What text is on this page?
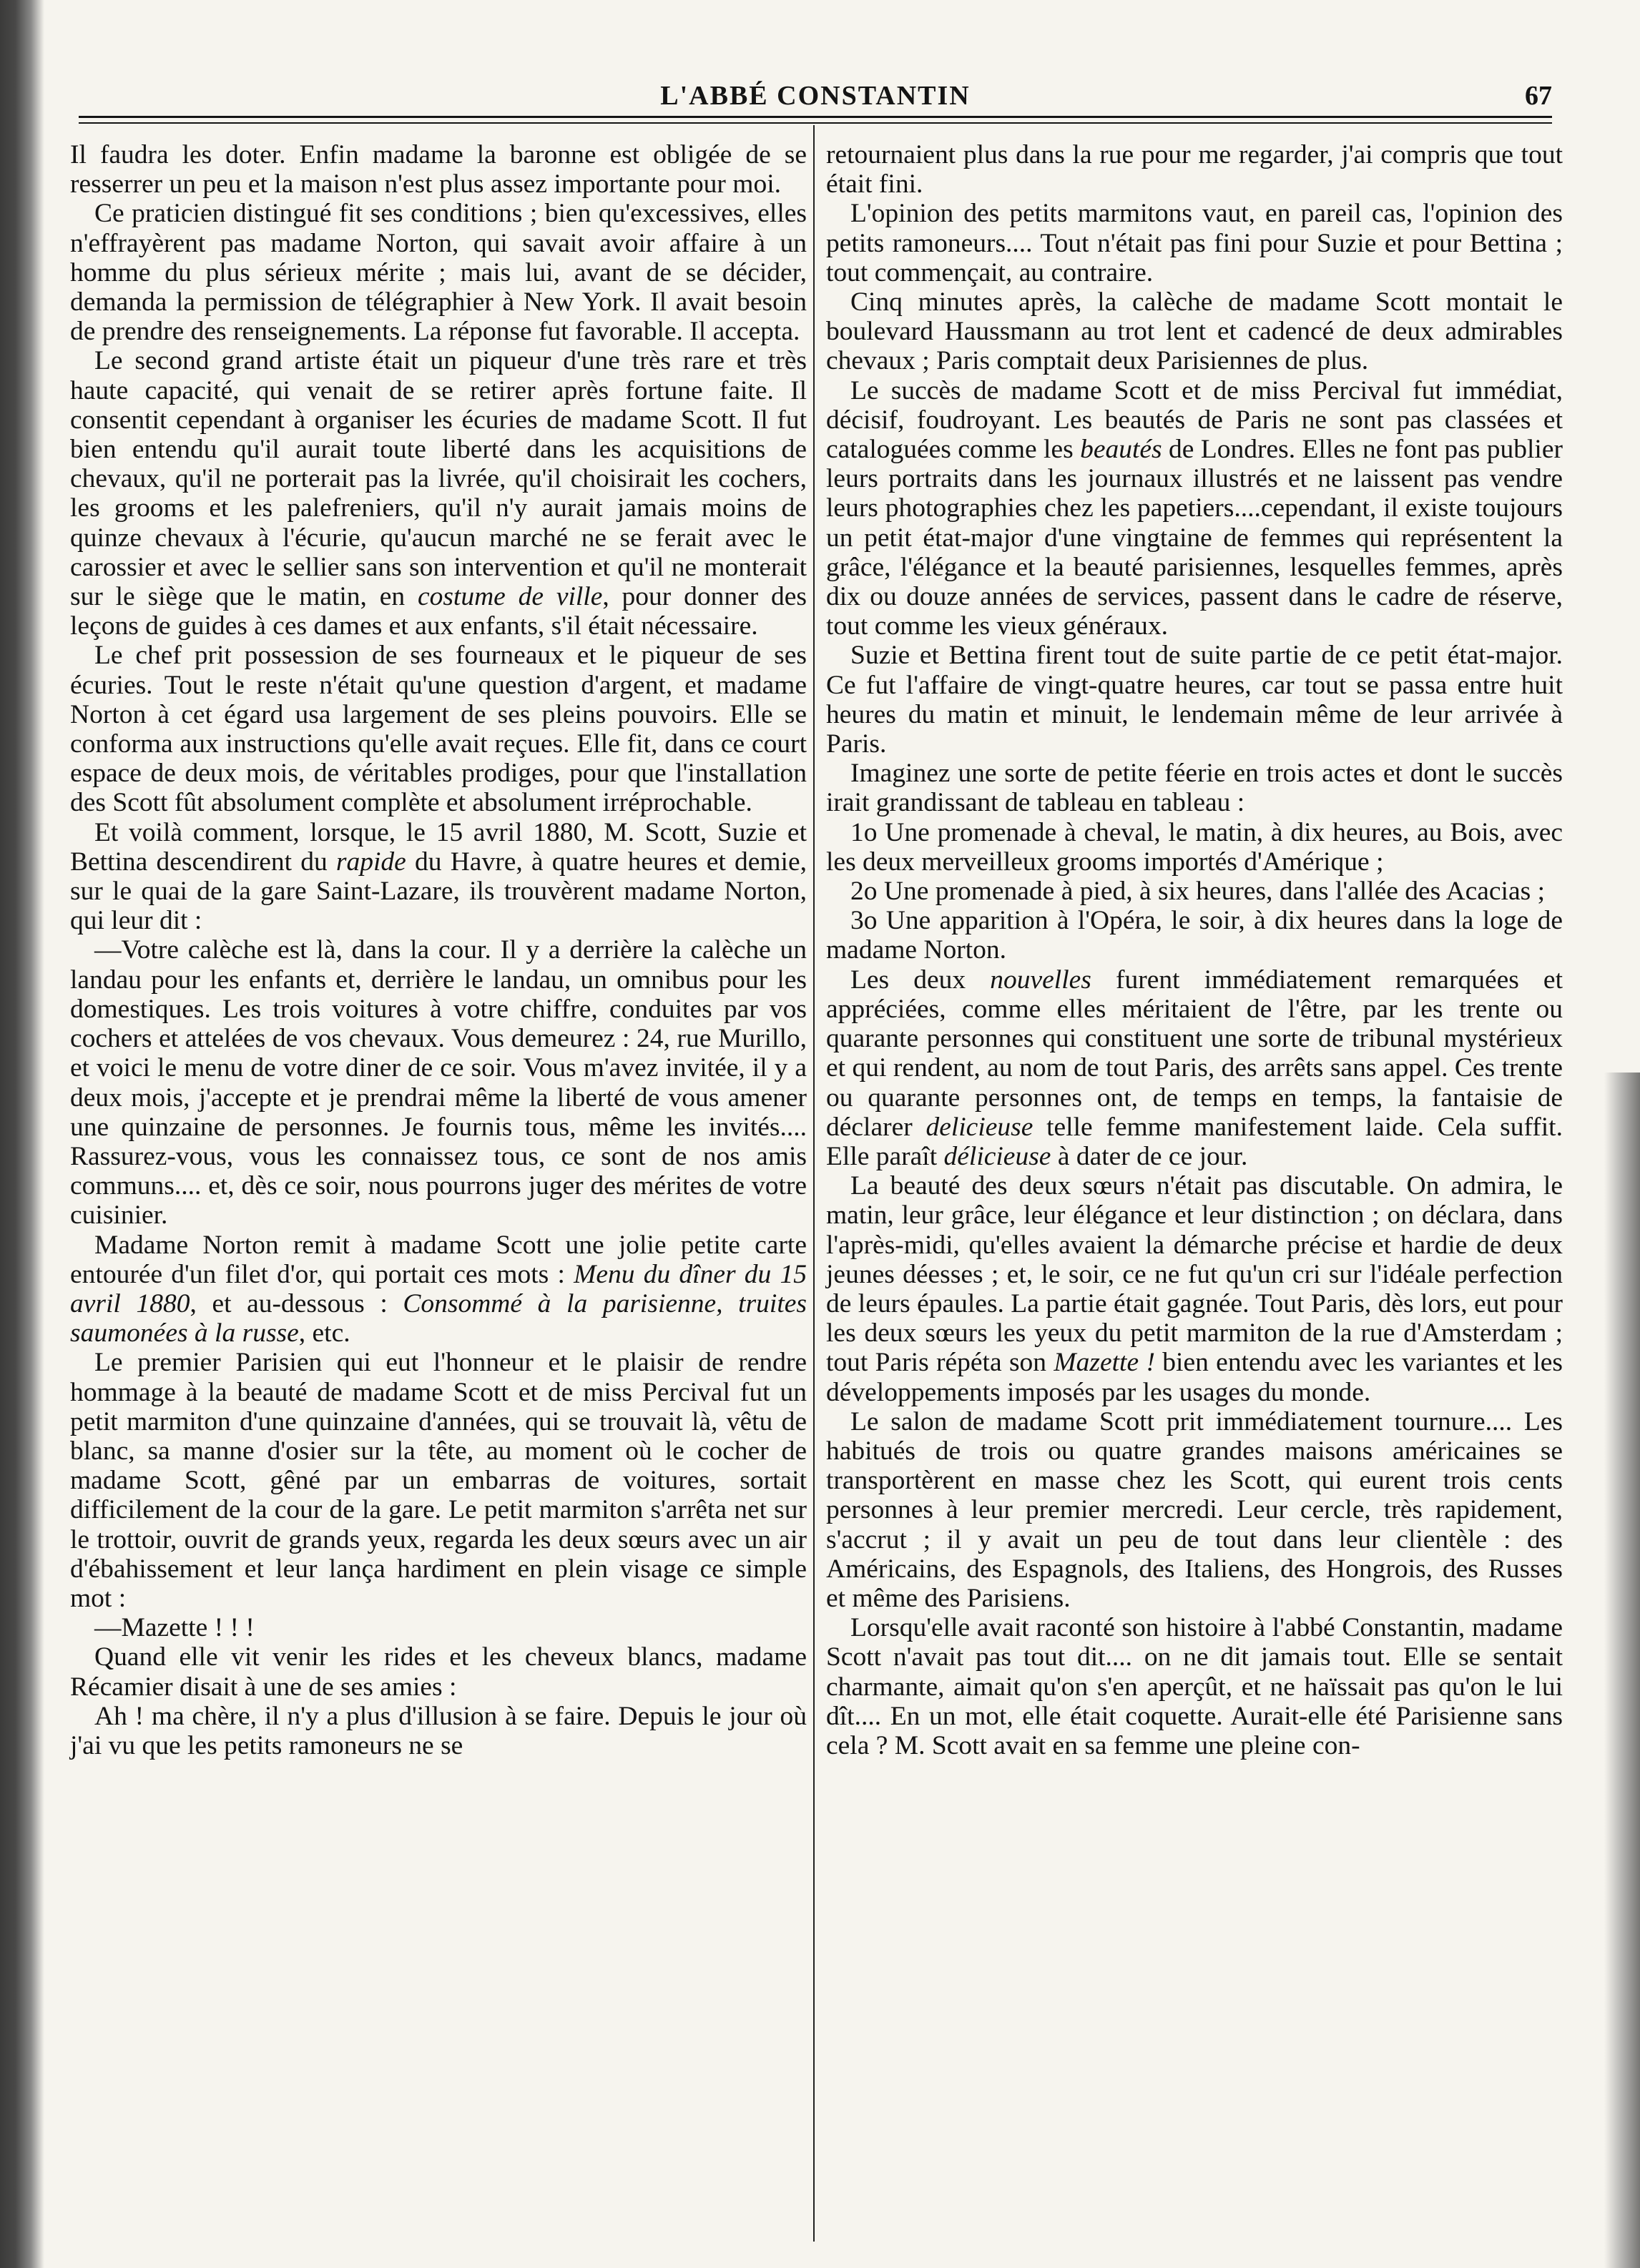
L'ABBÉ CONSTANTIN	67

Il faudra les doter. Enfin madame la baronne est obligée de se resserrer un peu et la maison n'est plus assez importante pour moi.

Ce praticien distingué fit ses conditions ; bien qu'excessives, elles n'effrayèrent pas madame Norton, qui savait avoir affaire à un homme du plus sérieux mérite ; mais lui, avant de se décider, demanda la permission de télégraphier à New York. Il avait besoin de prendre des renseignements. La réponse fut favorable. Il accepta.

Le second grand artiste était un piqueur d'une très rare et très haute capacité, qui venait de se retirer après fortune faite. Il consentit cependant à organiser les écuries de madame Scott. Il fut bien entendu qu'il aurait toute liberté dans les acquisitions de chevaux, qu'il ne porterait pas la livrée, qu'il choisirait les cochers, les grooms et les palefreniers, qu'il n'y aurait jamais moins de quinze chevaux à l'écurie, qu'aucun marché ne se ferait avec le carossier et avec le sellier sans son intervention et qu'il ne monterait sur le siège que le matin, en costume de ville, pour donner des leçons de guides à ces dames et aux enfants, s'il était nécessaire.

Le chef prit possession de ses fourneaux et le piqueur de ses écuries. Tout le reste n'était qu'une question d'argent, et madame Norton à cet égard usa largement de ses pleins pouvoirs. Elle se conforma aux instructions qu'elle avait reçues. Elle fit, dans ce court espace de deux mois, de véritables prodiges, pour que l'installation des Scott fût absolument complète et absolument irréprochable.

Et voilà comment, lorsque, le 15 avril 1880, M. Scott, Suzie et Bettina descendirent du rapide du Havre, à quatre heures et demie, sur le quai de la gare Saint-Lazare, ils trouvèrent madame Norton, qui leur dit :

—Votre calèche est là, dans la cour. Il y a derrière la calèche un landau pour les enfants et, derrière le landau, un omnibus pour les domestiques. Les trois voitures à votre chiffre, conduites par vos cochers et attelées de vos chevaux. Vous demeurez : 24, rue Murillo, et voici le menu de votre diner de ce soir. Vous m'avez invitée, il y a deux mois, j'accepte et je prendrai même la liberté de vous amener une quinzaine de personnes. Je fournis tous, même les invités.... Rassurez-vous, vous les connaissez tous, ce sont de nos amis communs.... et, dès ce soir, nous pourrons juger des mérites de votre cuisinier.

Madame Norton remit à madame Scott une jolie petite carte entourée d'un filet d'or, qui portait ces mots : Menu du dîner du 15 avril 1880, et au-dessous : Consommé à la parisienne, truites saumonées à la russe, etc.

Le premier Parisien qui eut l'honneur et le plaisir de rendre hommage à la beauté de madame Scott et de miss Percival fut un petit marmiton d'une quinzaine d'années, qui se trouvait là, vêtu de blanc, sa manne d'osier sur la tête, au moment où le cocher de madame Scott, gêné par un embarras de voitures, sortait difficilement de la cour de la gare. Le petit marmiton s'arrêta net sur le trottoir, ouvrit de grands yeux, regarda les deux sœurs avec un air d'ébahissement et leur lança hardiment en plein visage ce simple mot :

—Mazette ! ! !

Quand elle vit venir les rides et les cheveux blancs, madame Récamier disait à une de ses amies :

Ah ! ma chère, il n'y a plus d'illusion à se faire. Depuis le jour où j'ai vu que les petits ramoneurs ne se

retournaient plus dans la rue pour me regarder, j'ai compris que tout était fini.

L'opinion des petits marmitons vaut, en pareil cas, l'opinion des petits ramoneurs.... Tout n'était pas fini pour Suzie et pour Bettina ; tout commençait, au contraire.

Cinq minutes après, la calèche de madame Scott montait le boulevard Haussmann au trot lent et cadencé de deux admirables chevaux ; Paris comptait deux Parisiennes de plus.

Le succès de madame Scott et de miss Percival fut immédiat, décisif, foudroyant. Les beautés de Paris ne sont pas classées et cataloguées comme les beautés de Londres. Elles ne font pas publier leurs portraits dans les journaux illustrés et ne laissent pas vendre leurs photographies chez les papetiers....cependant, il existe toujours un petit état-major d'une vingtaine de femmes qui représentent la grâce, l'élégance et la beauté parisiennes, lesquelles femmes, après dix ou douze années de services, passent dans le cadre de réserve, tout comme les vieux généraux.

Suzie et Bettina firent tout de suite partie de ce petit état-major. Ce fut l'affaire de vingt-quatre heures, car tout se passa entre huit heures du matin et minuit, le lendemain même de leur arrivée à Paris.

Imaginez une sorte de petite féerie en trois actes et dont le succès irait grandissant de tableau en tableau :

1o Une promenade à cheval, le matin, à dix heures, au Bois, avec les deux merveilleux grooms importés d'Amérique ;

2o Une promenade à pied, à six heures, dans l'allée des Acacias ;

3o Une apparition à l'Opéra, le soir, à dix heures dans la loge de madame Norton.

Les deux nouvelles furent immédiatement remarquées et appréciées, comme elles méritaient de l'être, par les trente ou quarante personnes qui constituent une sorte de tribunal mystérieux et qui rendent, au nom de tout Paris, des arrêts sans appel. Ces trente ou quarante personnes ont, de temps en temps, la fantaisie de déclarer delicieuse telle femme manifestement laide. Cela suffit. Elle paraît délicieuse à dater de ce jour.

La beauté des deux sœurs n'était pas discutable. On admira, le matin, leur grâce, leur élégance et leur distinction ; on déclara, dans l'après-midi, qu'elles avaient la démarche précise et hardie de deux jeunes déesses ; et, le soir, ce ne fut qu'un cri sur l'idéale perfection de leurs épaules. La partie était gagnée. Tout Paris, dès lors, eut pour les deux sœurs les yeux du petit marmiton de la rue d'Amsterdam ; tout Paris répéta son Mazette ! bien entendu avec les variantes et les développements imposés par les usages du monde.

Le salon de madame Scott prit immédiatement tournure.... Les habitués de trois ou quatre grandes maisons américaines se transportèrent en masse chez les Scott, qui eurent trois cents personnes à leur premier mercredi. Leur cercle, très rapidement, s'accrut ; il y avait un peu de tout dans leur clientèle : des Américains, des Espagnols, des Italiens, des Hongrois, des Russes et même des Parisiens.

Lorsqu'elle avait raconté son histoire à l'abbé Constantin, madame Scott n'avait pas tout dit.... on ne dit jamais tout. Elle se sentait charmante, aimait qu'on s'en aperçût, et ne haïssait pas qu'on le lui dît.... En un mot, elle était coquette. Aurait-elle été Parisienne sans cela ? M. Scott avait en sa femme une pleine con-
